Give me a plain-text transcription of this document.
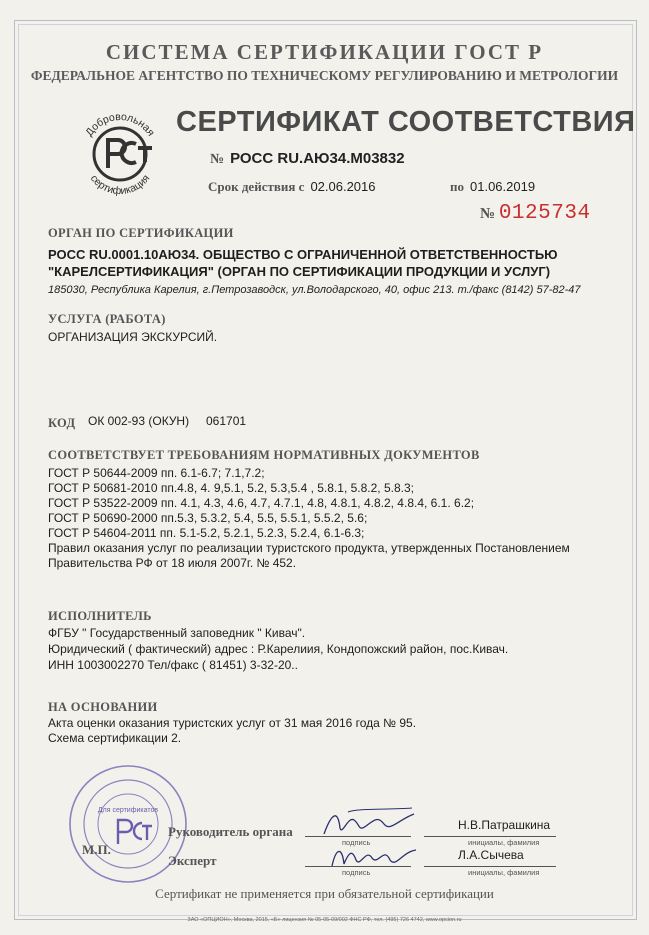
СИСТЕМА СЕРТИФИКАЦИИ ГОСТ Р
ФЕДЕРАЛЬНОЕ АГЕНТСТВО ПО ТЕХНИЧЕСКОМУ РЕГУЛИРОВАНИЮ И МЕТРОЛОГИИ
Добровольная
сертификация
СЕРТИФИКАТ СООТВЕТСТВИЯ
№ РОСС RU.АЮ34.М03832
Срок действия с 02.06.2016	по 01.06.2019
№ 0125734
ОРГАН ПО СЕРТИФИКАЦИИ
РОСС RU.0001.10АЮ34. ОБЩЕСТВО С ОГРАНИЧЕННОЙ ОТВЕТСТВЕННОСТЬЮ
"КАРЕЛСЕРТИФИКАЦИЯ" (ОРГАН ПО СЕРТИФИКАЦИИ ПРОДУКЦИИ И УСЛУГ)
185030, Республика Карелия, г.Петрозаводск, ул.Володарского, 40, офис 213. т./факс (8142) 57-82-47
УСЛУГА (РАБОТА)
ОРГАНИЗАЦИЯ ЭКСКУРСИЙ.
КОД ОК 002-93 (ОКУН) 061701
СООТВЕТСТВУЕТ ТРЕБОВАНИЯМ НОРМАТИВНЫХ ДОКУМЕНТОВ
ГОСТ Р 50644-2009 пп. 6.1-6.7; 7.1,7.2;
ГОСТ Р 50681-2010 пп.4.8, 4. 9,5.1, 5.2, 5.3,5.4 , 5.8.1, 5.8.2, 5.8.3;
ГОСТ Р 53522-2009 пп. 4.1, 4.3, 4.6, 4.7, 4.7.1, 4.8, 4.8.1, 4.8.2, 4.8.4, 6.1. 6.2;
ГОСТ Р 50690-2000 пп.5.3, 5.3.2, 5.4, 5.5, 5.5.1, 5.5.2, 5.6;
ГОСТ Р 54604-2011 пп. 5.1-5.2, 5.2.1, 5.2.3, 5.2.4, 6.1-6.3;
Правил оказания услуг по реализации туристского продукта, утвержденных Постановлением
Правительства РФ от 18 июля 2007г. № 452.
ИСПОЛНИТЕЛЬ
ФГБУ " Государственный заповедник " Кивач".
Юридический ( фактический) адрес : Р.Карелиия, Кондопожский район, пос.Кивач.
ИНН 1003002270 Тел/факс ( 81451) 3-32-20..
НА ОСНОВАНИИ
Акта оценки оказания туристских услуг от 31 мая 2016 года № 95.
Схема сертификации 2.
Для сертификатов
М.П.
Руководитель органа
Эксперт
подпись	инициалы, фамилия
подпись	инициалы, фамилия
Н.В.Патрашкина
Л.А.Сычева
Сертификат не применяется при обязательной сертификации
ЗАО «ОПЦИОН», Москва, 2015, «Б» лицензия № 05-05-09/002 ФНС РФ, тел. (495) 726 4742, www.opcion.ru
